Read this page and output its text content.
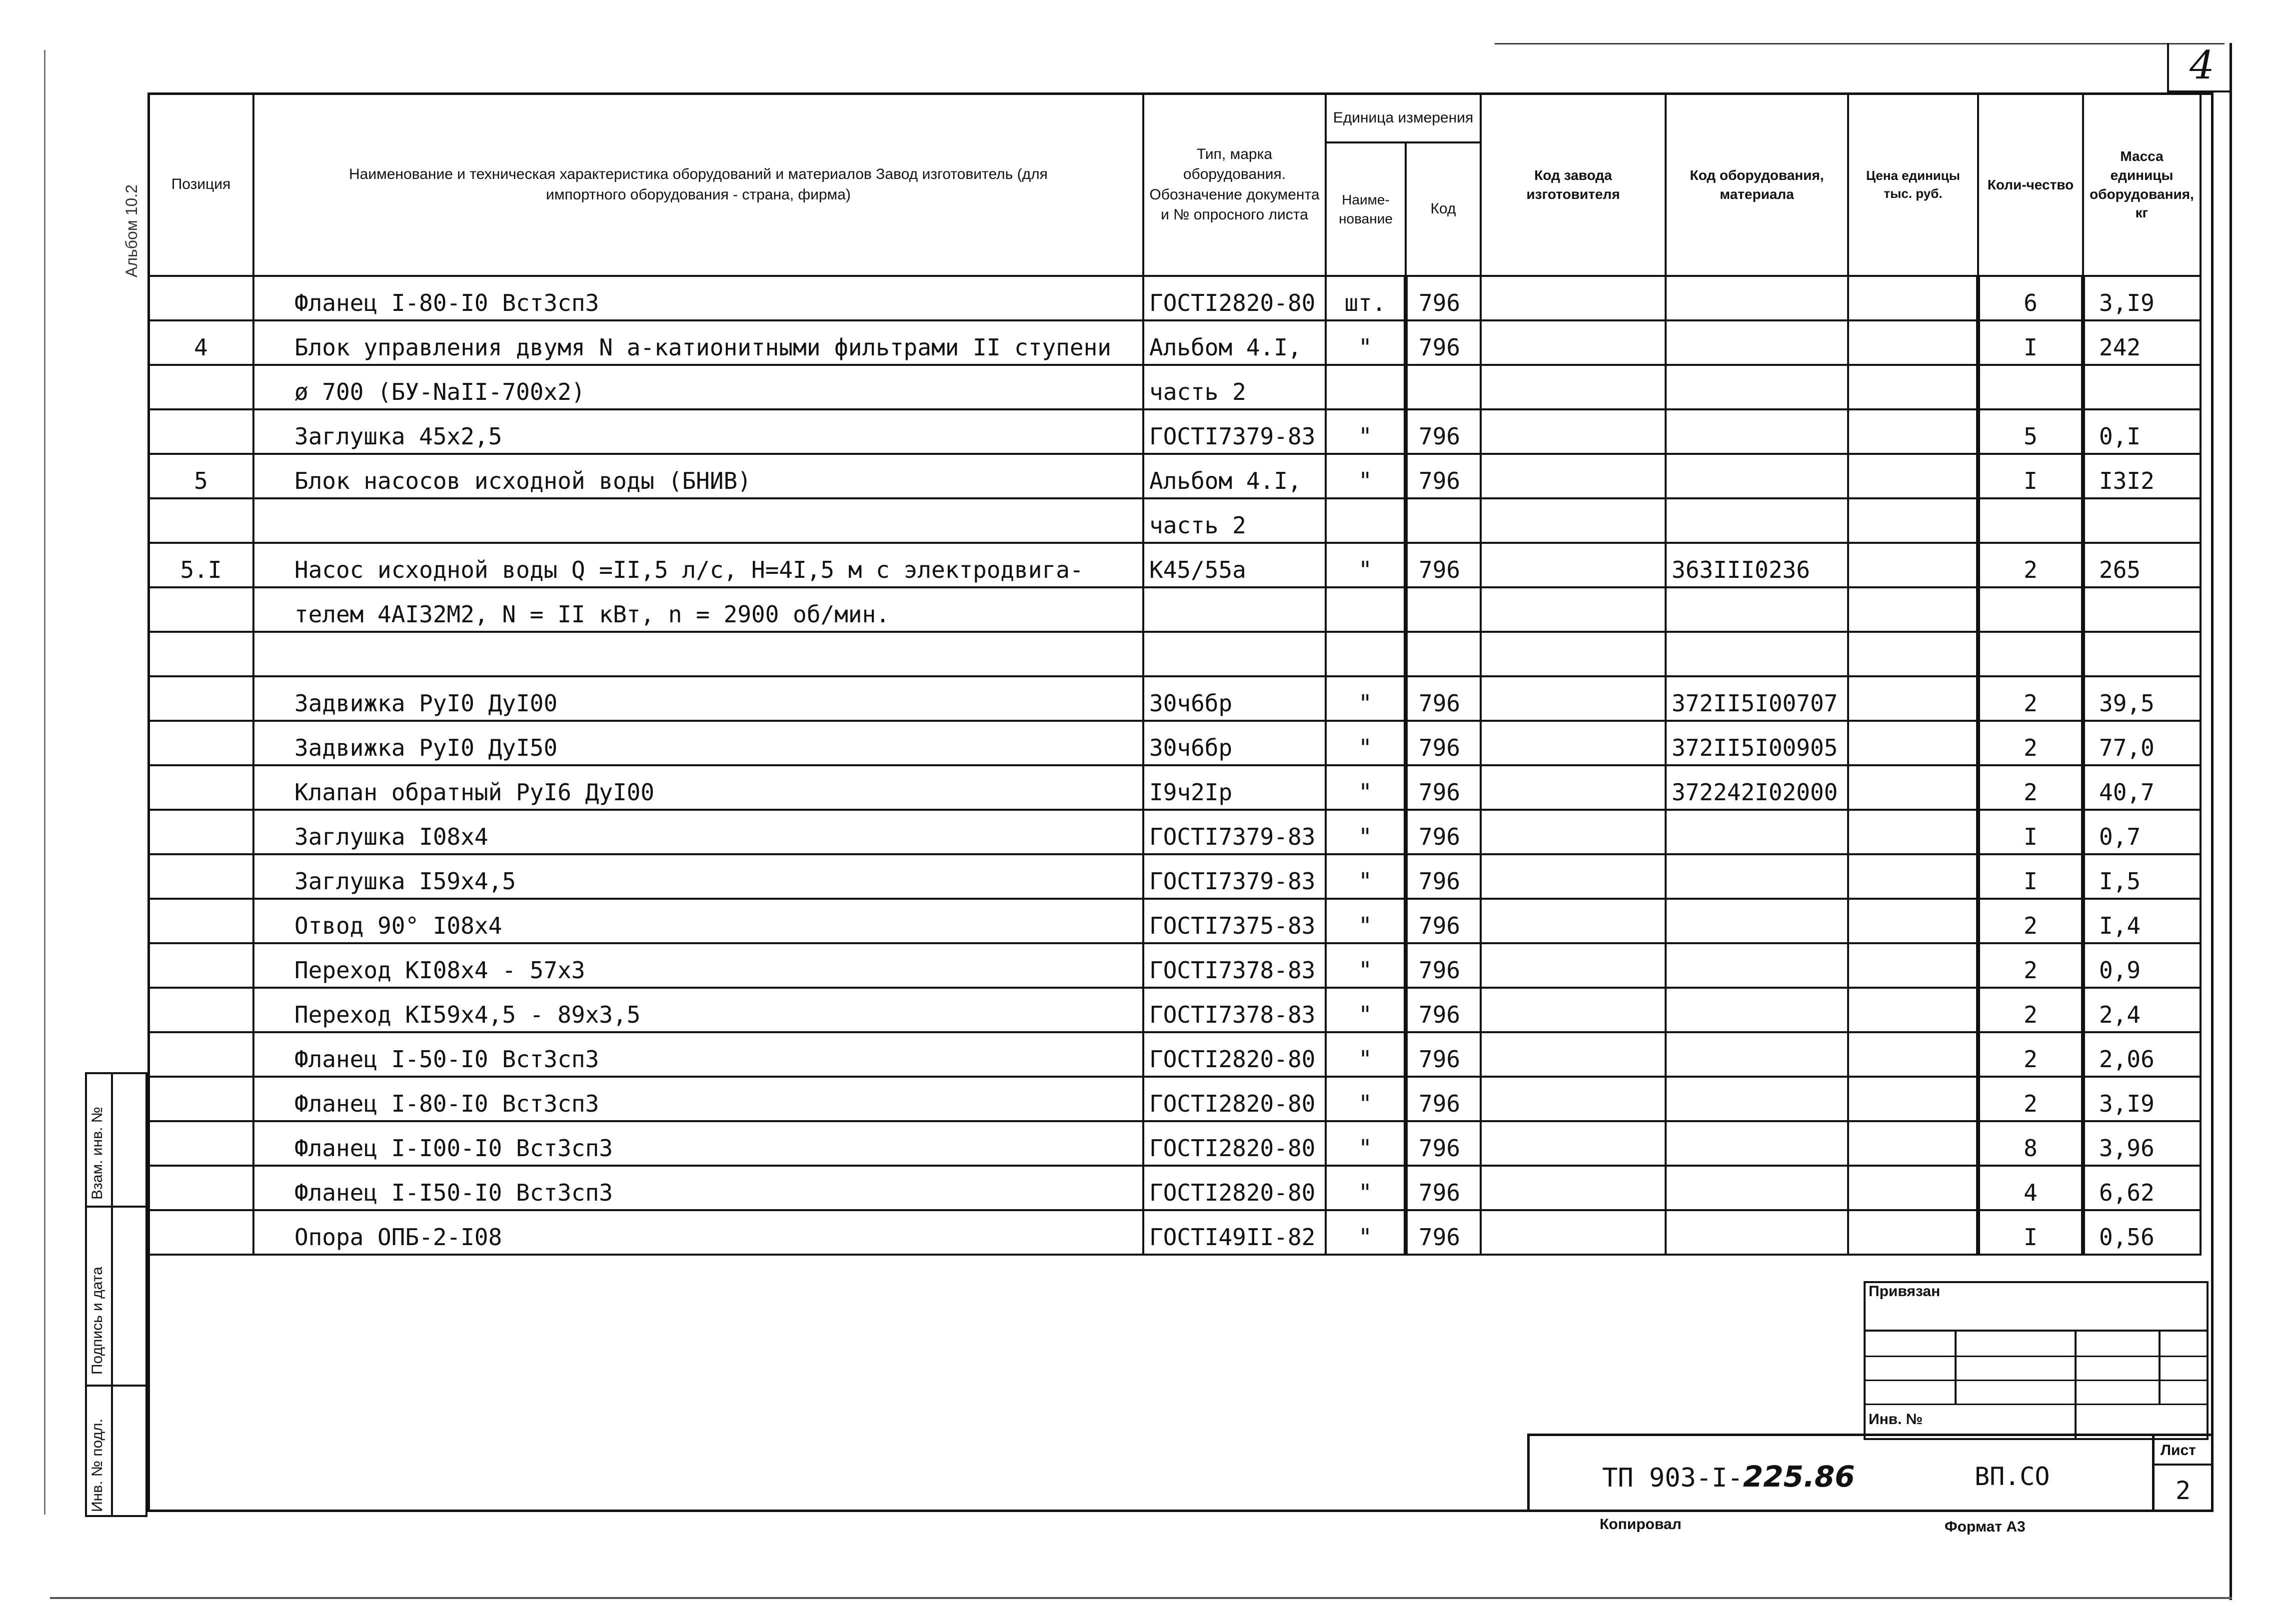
4
Альбом 10.2
Позиция	Наименование и техническая характеристика оборудований и материалов Завод изготовитель (для импортного оборудования - страна, фирма)	Тип, марка оборудования. Обозначение документа и № опросного листа	Единица измерения		Код завода изготовителя	Код оборудования, материала	Цена единицы тыс. руб.	Коли-чество	Масса единицы оборудования, кг
			Наиме-нование	Код					
	Фланец I-80-I0 ВстЗсп3	ГОСТI2820-80	шт.	796				6	3,I9
4	Блок управления двумя N а-катионитными фильтрами II ступени	Альбом 4.I,	"	796				I	242
	ø 700 (БУ-NaII-700х2)	часть 2							
	Заглушка 45х2,5	ГОСТI7379-83	"	796				5	0,I
5	Блок насосов исходной воды (БНИВ)	Альбом 4.I,	"	796				I	I3I2
		часть 2							
5.I	Насос исходной воды Q =II,5 л/с, H=4I,5 м с электродвига-	К45/55а	"	796		363III0236		2	265
	телем 4АI32М2, N = II кВт, n = 2900 об/мин.								

	Задвижка РуI0 ДуI00	30ч6бр	"	796		372II5I00707		2	39,5
	Задвижка РуI0 ДуI50	30ч6бр	"	796		372II5I00905		2	77,0
	Клапан обратный РуI6 ДуI00	I9ч2Iр	"	796		372242I02000		2	40,7
	Заглушка I08х4	ГОСТI7379-83	"	796				I	0,7
	Заглушка I59х4,5	ГОСТI7379-83	"	796				I	I,5
	Отвод 90° I08х4	ГОСТI7375-83	"	796				2	I,4
	Переход КI08х4 - 57х3	ГОСТI7378-83	"	796				2	0,9
	Переход КI59х4,5 - 89х3,5	ГОСТI7378-83	"	796				2	2,4
	Фланец I-50-I0 ВстЗсп3	ГОСТI2820-80	"	796				2	2,06
	Фланец I-80-I0 ВстЗсп3	ГОСТI2820-80	"	796				2	3,I9
	Фланец I-I00-I0 ВстЗсп3	ГОСТI2820-80	"	796				8	3,96
	Фланец I-I50-I0 ВстЗсп3	ГОСТI2820-80	"	796				4	6,62
	Опора ОПБ-2-I08	ГОСТI49II-82	"	796				I	0,56
Взам. инв. №
Подпись и дата
Инв. № подл.
Привязан
Инв. №
ТП 903-I-225.86	ВП.СО
Лист
2
Копировал	Формат А3
